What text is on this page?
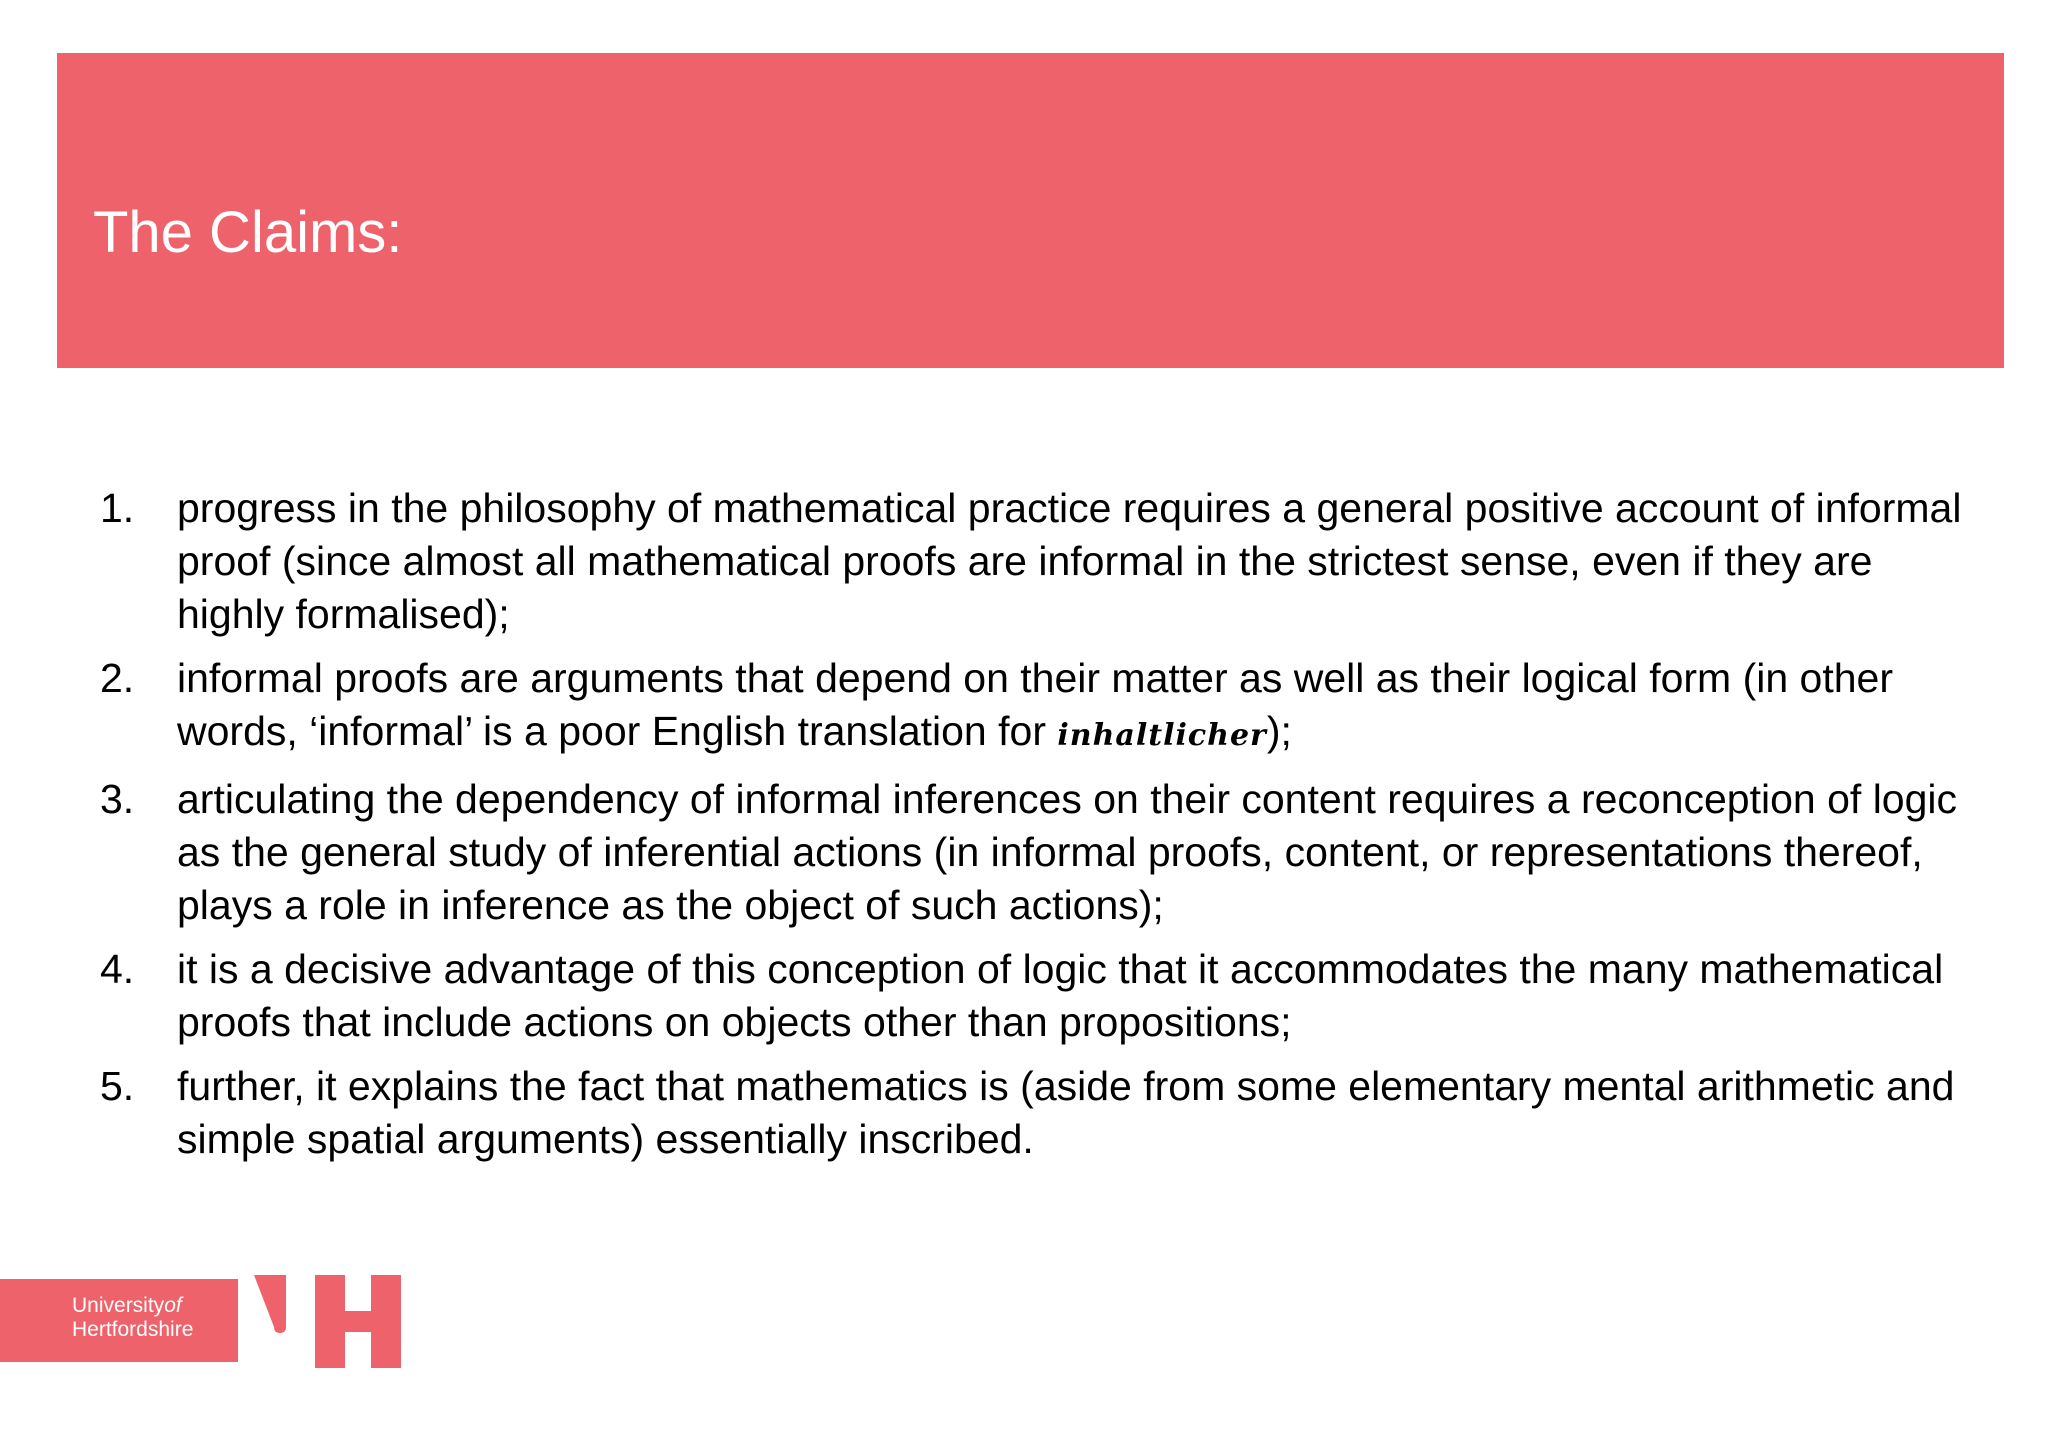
The Claims:
1. progress in the philosophy of mathematical practice requires a general positive account of informal proof (since almost all mathematical proofs are informal in the strictest sense, even if they are highly formalised);
2. informal proofs are arguments that depend on their matter as well as their logical form (in other words, ‘informal’ is a poor English translation for inhaltlicher);
3. articulating the dependency of informal inferences on their content requires a reconception of logic as the general study of inferential actions (in informal proofs, content, or representations thereof, plays a role in inference as the object of such actions);
4. it is a decisive advantage of this conception of logic that it accommodates the many mathematical proofs that include actions on objects other than propositions;
5. further, it explains the fact that mathematics is (aside from some elementary mental arithmetic and simple spatial arguments) essentially inscribed.
Universityof
Hertfordshire
